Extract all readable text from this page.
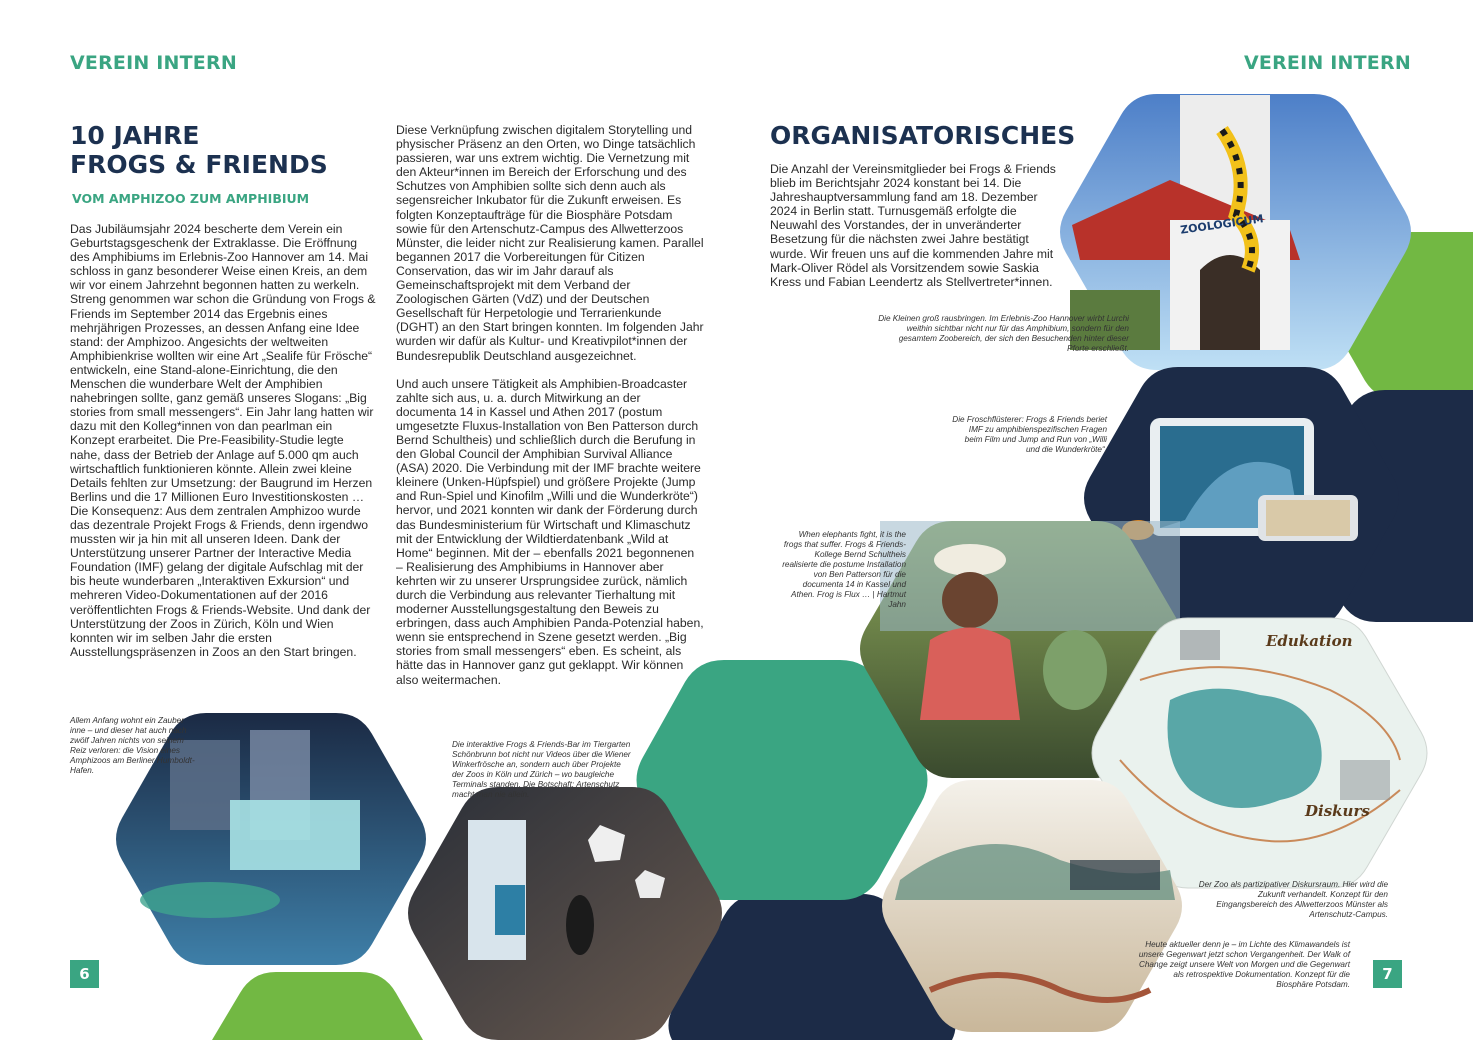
ZOOLOGICUM
Edukation
Diskurs
VEREIN INTERN
10 JAHRE
FROGS & FRIENDS
VOM AMPHIZOO ZUM AMPHIBIUM

Das Jubiläumsjahr 2024 bescherte dem Verein ein Geburtstagsgeschenk der Extraklasse. Die Eröffnung des Amphibiums im Erlebnis-Zoo Hannover am 14. Mai schloss in ganz besonderer Weise einen Kreis, an dem wir vor einem Jahrzehnt begonnen hatten zu werkeln. Streng genommen war schon die Gründung von Frogs & Friends im September 2014 das Ergebnis eines mehrjährigen Prozesses, an dessen Anfang eine Idee stand: der Amphizoo. Angesichts der weltweiten Amphibienkrise wollten wir eine Art „Sealife für Frösche“ entwickeln, eine Stand-alone-Einrichtung, die den Menschen die wunderbare Welt der Amphibien nahebringen sollte, ganz gemäß unseres Slogans: „Big stories from small messengers“. Ein Jahr lang hatten wir dazu mit den Kolleg*innen von dan pearlman ein Konzept erarbeitet. Die Pre-Feasibility-Studie legte nahe, dass der Betrieb der Anlage auf 5.000 qm auch wirtschaftlich funktionieren könnte. Allein zwei kleine Details fehlten zur Umsetzung: der Baugrund im Herzen Berlins und die 17 Millionen Euro Investitionskosten …

Die Konsequenz: Aus dem zentralen Amphizoo wurde das dezentrale Projekt Frogs & Friends, denn irgendwo mussten wir ja hin mit all unseren Ideen. Dank der Unterstützung unserer Partner der Interactive Media Foundation (IMF) gelang der digitale Aufschlag mit der bis heute wunderbaren „Interaktiven Exkursion“ und mehreren Video-Dokumentationen auf der 2016 veröffentlichten Frogs & Friends-Website. Und dank der Unterstützung der Zoos in Zürich, Köln und Wien konnten wir im selben Jahr die ersten Ausstellungspräsenzen in Zoos an den Start bringen.

Diese Verknüpfung zwischen digitalem Storytelling und physischer Präsenz an den Orten, wo Dinge tatsächlich passieren, war uns extrem wichtig. Die Vernetzung mit den Akteur*innen im Bereich der Erforschung und des Schutzes von Amphibien sollte sich denn auch als segensreicher Inkubator für die Zukunft erweisen. Es folgten Konzeptaufträge für die Biosphäre Potsdam sowie für den Artenschutz-Campus des Allwetterzoos Münster, die leider nicht zur Realisierung kamen. Parallel begannen 2017 die Vorbereitungen für Citizen Conservation, das wir im Jahr darauf als Gemeinschaftsprojekt mit dem Verband der Zoologischen Gärten (VdZ) und der Deutschen Gesellschaft für Herpetologie und Terrarienkunde (DGHT) an den Start bringen konnten. Im folgenden Jahr wurden wir dafür als Kultur- und Kreativpilot*innen der Bundesrepublik Deutschland ausgezeichnet.

Und auch unsere Tätigkeit als Amphibien-Broadcaster zahlte sich aus, u. a. durch Mitwirkung an der documenta 14 in Kassel und Athen 2017 (postum umgesetzte Fluxus-Installation von Ben Patterson durch Bernd Schultheis) und schließlich durch die Berufung in den Global Council der Amphibian Survival Alliance (ASA) 2020. Die Verbindung mit der IMF brachte weitere kleinere (Unken-Hüpfspiel) und größere Projekte (Jump and Run-Spiel und Kinofilm „Willi und die Wunderkröte“) hervor, und 2021 konnten wir dank der Förderung durch das Bundesministerium für Wirtschaft und Klimaschutz mit der Entwicklung der Wildtierdatenbank „Wild at Home“ beginnen. Mit der – ebenfalls 2021 begonnenen – Realisierung des Amphibiums in Hannover aber kehrten wir zu unserer Ursprungsidee zurück, nämlich durch die Verbindung aus relevanter Tierhaltung mit moderner Ausstellungsgestaltung den Beweis zu erbringen, dass auch Amphibien Panda-Potenzial haben, wenn sie entsprechend in Szene gesetzt werden. „Big stories from small messengers“ eben. Es scheint, als hätte das in Hannover ganz gut geklappt. Wir können also weitermachen.

Allem Anfang wohnt ein Zauber inne – und dieser hat auch nach zwölf Jahren nichts von seinem Reiz verloren: die Vision eines Amphizoos am Berliner Humboldt-Hafen.

Die interaktive Frogs & Friends-Bar im Tiergarten Schönbrunn bot nicht nur Videos über die Wiener Winkerfrösche an, sondern auch über Projekte der Zoos in Köln und Zürich – wo baugleiche Terminals standen. Die Botschaft: Artenschutz macht man nie allein.

6
VEREIN INTERN
ORGANISATORISCHES
Die Anzahl der Vereinsmitglieder bei Frogs & Friends blieb im Berichtsjahr 2024 konstant bei 14. Die Jahreshauptversammlung fand am 18. Dezember 2024 in Berlin statt. Turnusgemäß erfolgte die Neuwahl des Vorstandes, der in unveränderter Besetzung für die nächsten zwei Jahre bestätigt wurde. Wir freuen uns auf die kommenden Jahre mit Mark-Oliver Rödel als Vorsitzendem sowie Saskia Kress und Fabian Leendertz als Stellvertreter*innen.

Die Kleinen groß rausbringen. Im Erlebnis-Zoo Hannover wirbt Lurchi weithin sichtbar nicht nur für das Amphibium, sondern für den gesamtem Zoobereich, der sich den Besuchenden hinter dieser Pforte erschließt.

Die Froschflüsterer: Frogs & Friends beriet IMF zu amphibienspezifischen Fragen beim Film und Jump and Run von „Willi und die Wunderkröte“.

When elephants fight, it is the frogs that suffer. Frogs & Friends-Kollege Bernd Schultheis realisierte die postume Installation von Ben Patterson für die documenta 14 in Kassel und Athen. Frog is Flux … | Hartmut Jahn

Der Zoo als partizipativer Diskursraum. Hier wird die Zukunft verhandelt. Konzept für den Eingangsbereich des Allwetterzoos Münster als Artenschutz-Campus.

Heute aktueller denn je – im Lichte des Klimawandels ist unsere Gegenwart jetzt schon Vergangenheit. Der Walk of Change zeigt unsere Welt von Morgen und die Gegenwart als retrospektive Dokumentation. Konzept für die Biosphäre Potsdam.

7
